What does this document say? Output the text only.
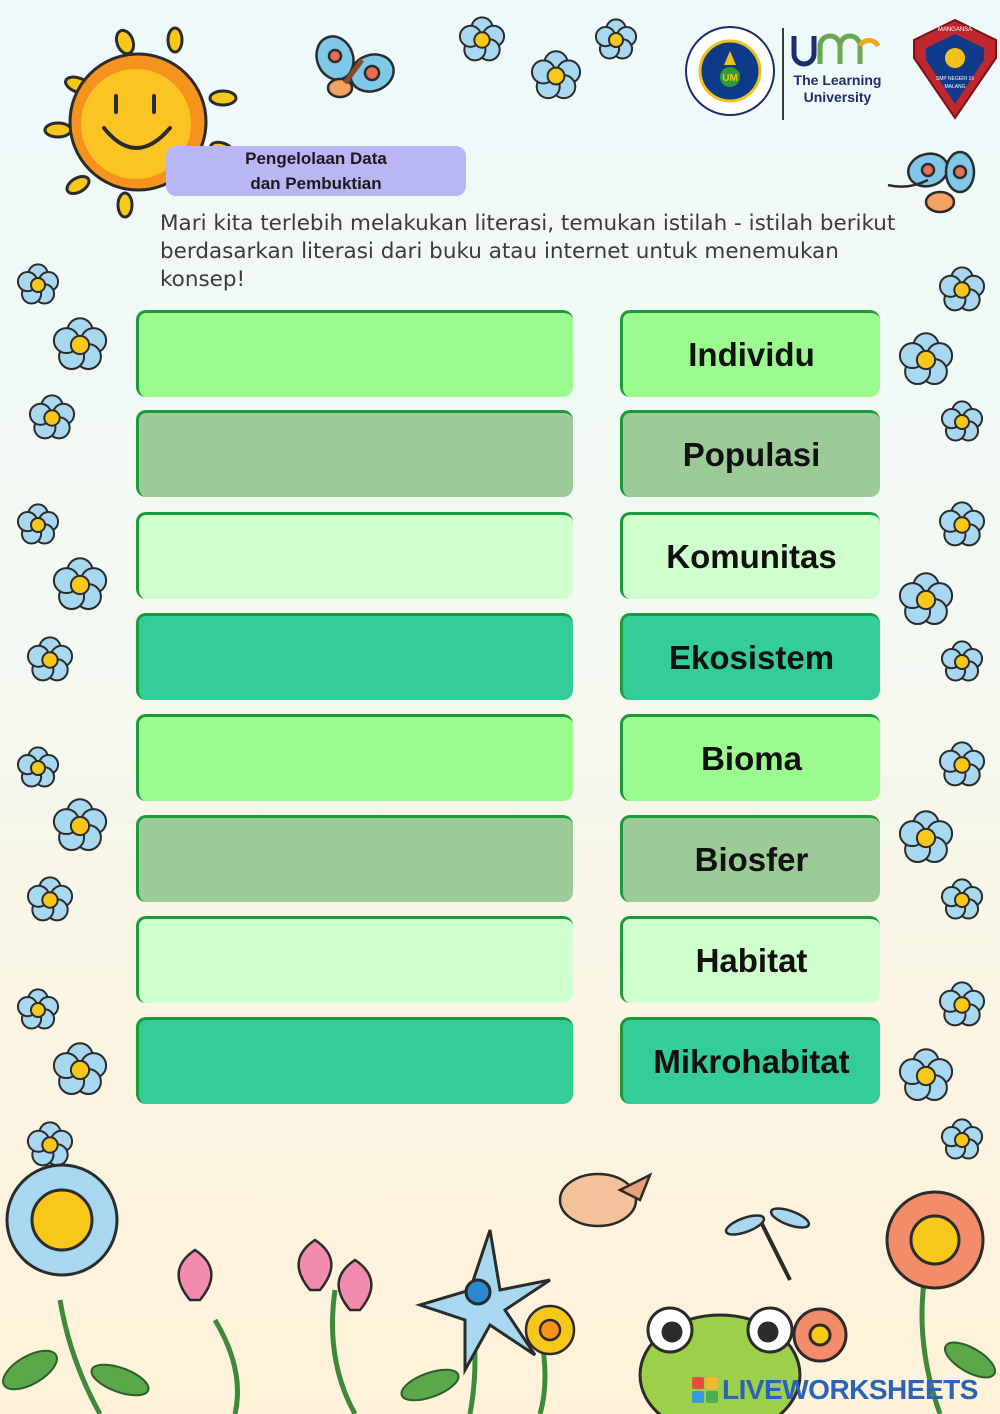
UM	The Learning
University
MANGANSA
SMP NEGERI 16
MALANG
Pengelolaan Data
dan Pembuktian
Mari kita terlebih melakukan literasi, temukan istilah - istilah berikut berdasarkan literasi dari buku atau internet untuk menemukan konsep!
Individu
Populasi
Komunitas
Ekosistem
Bioma
Biosfer
Habitat
Mikrohabitat
LIVEWORKSHEETS
